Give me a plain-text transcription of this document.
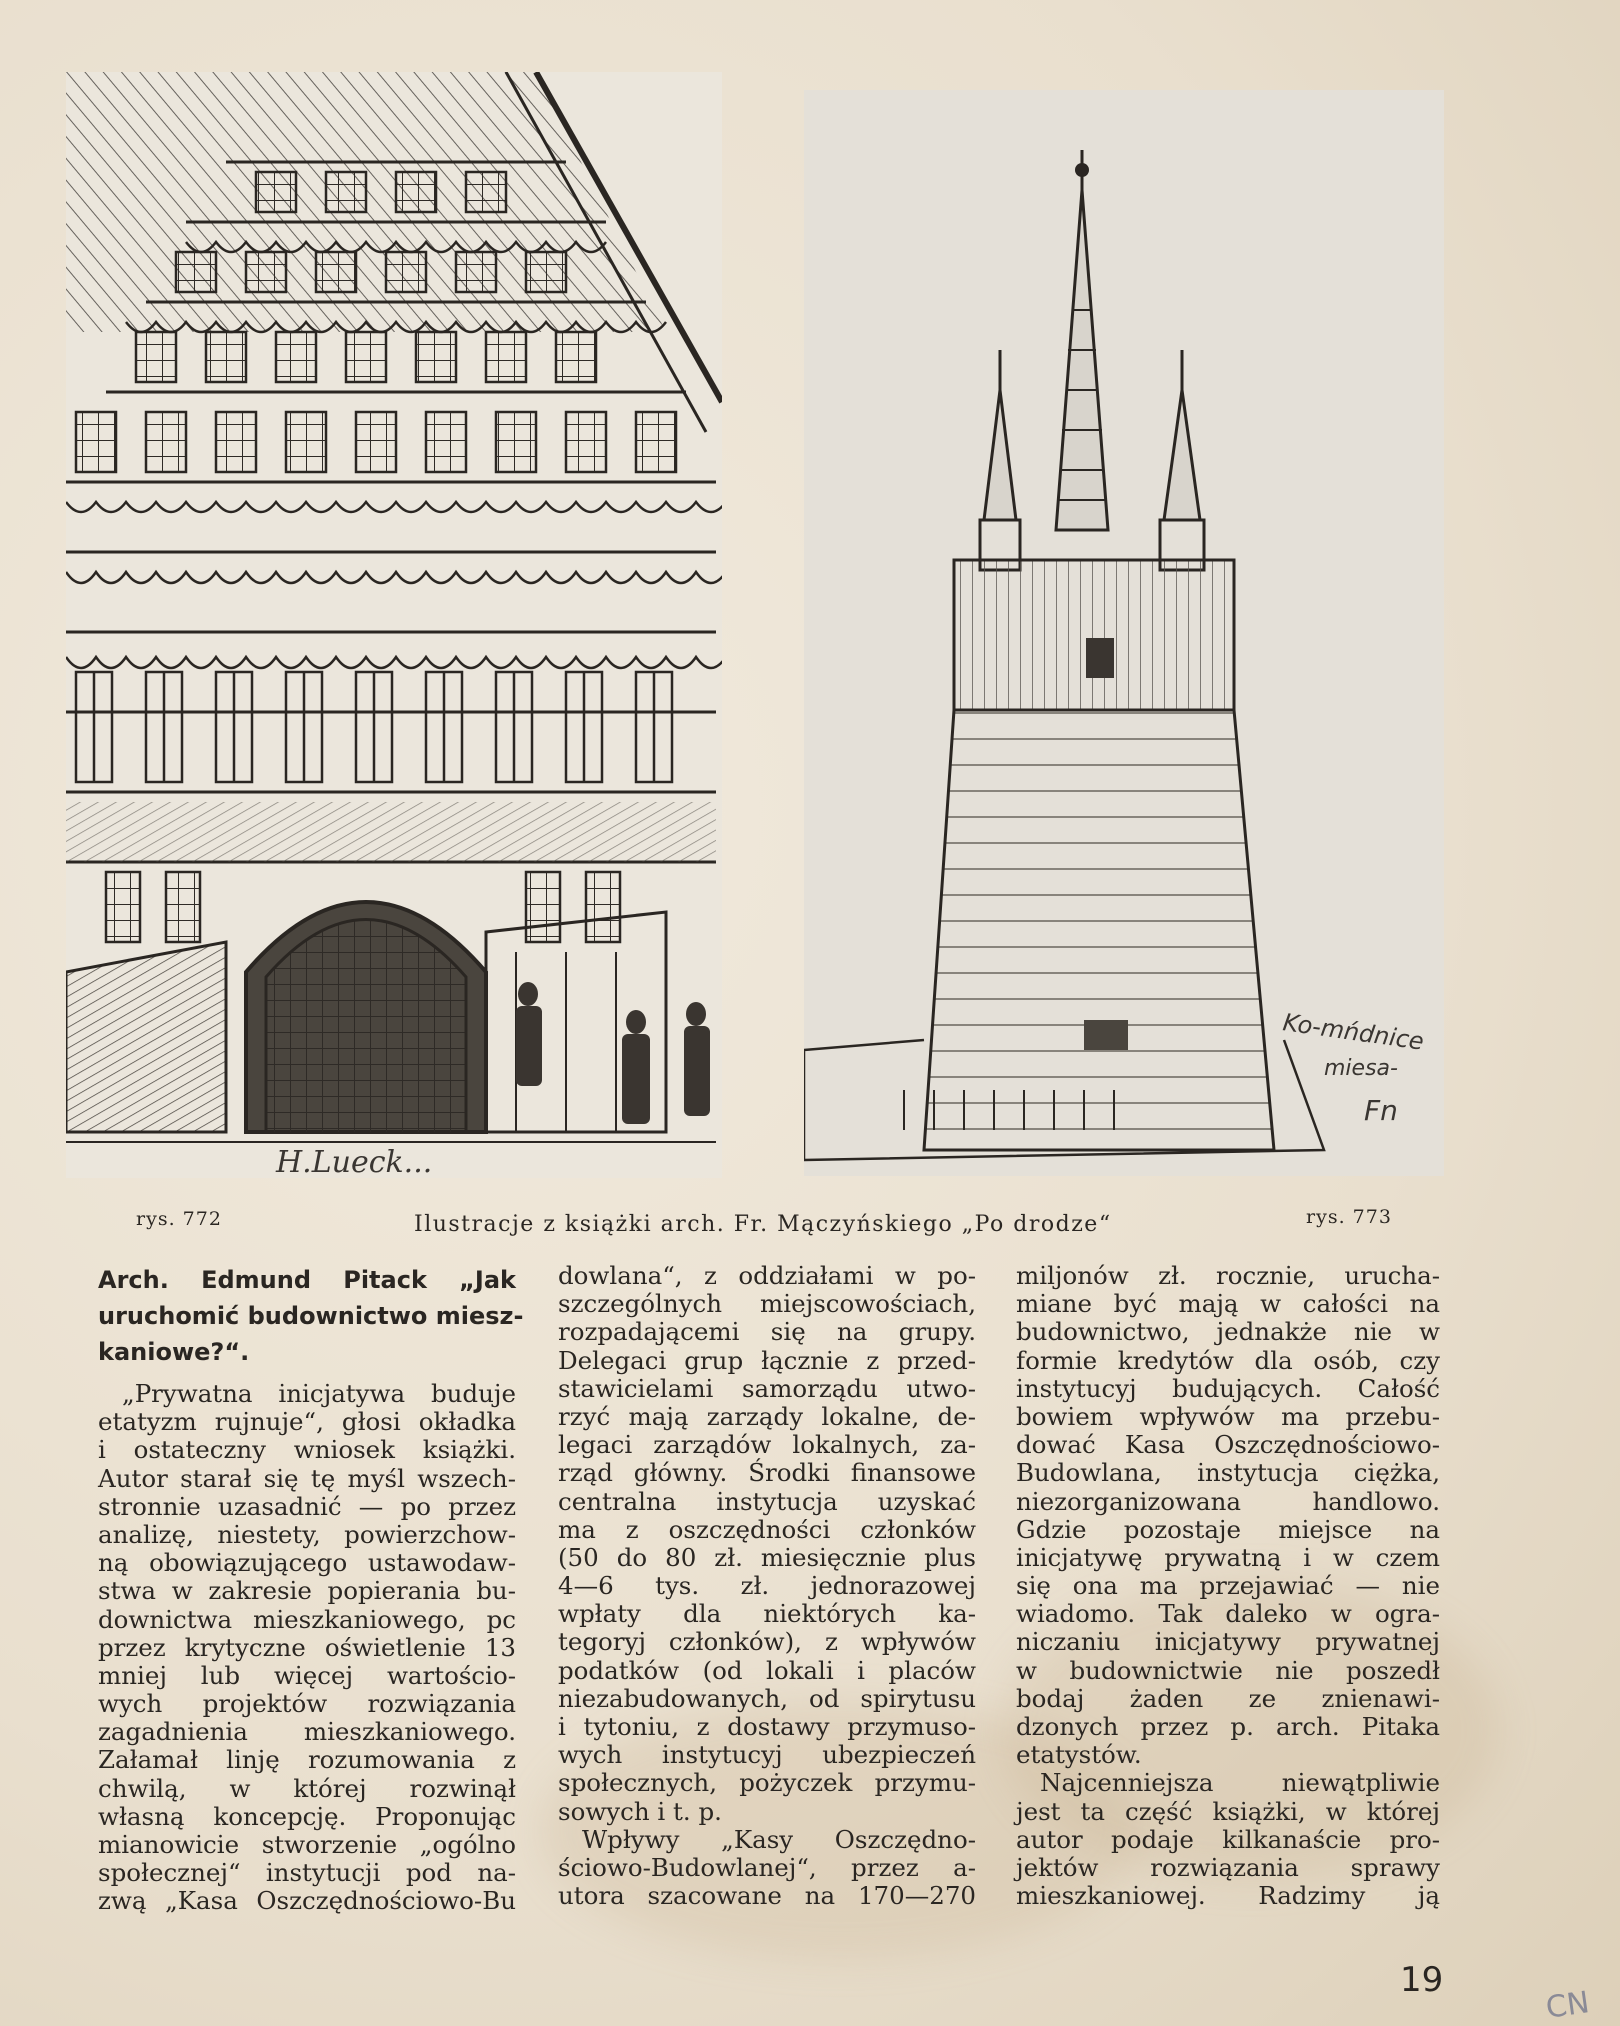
H.Lueck...
Ko-mńdnice
miesa-
Fn
rys. 772	Ilustracje z książki arch. Fr. Mączyńskiego „Po drodze“	rys. 773
Arch. Edmund Pitack „Jak
uruchomić budownictwo miesz-
kaniowe?“.
„Prywatna inicjatywa buduje
etatyzm rujnuje“, głosi okładka
i ostateczny wniosek książki.
Autor starał się tę myśl wszech-
stronnie uzasadnić — po przez
analizę, niestety, powierzchow-
ną obowiązującego ustawodaw-
stwa w zakresie popierania bu-
downictwa mieszkaniowego, pc
przez krytyczne oświetlenie 13
mniej lub więcej wartościo-
wych projektów rozwiązania
zagadnienia mieszkaniowego.
Załamał linję rozumowania z
chwilą, w której rozwinął
własną koncepcję. Proponując
mianowicie stworzenie „ogólno
społecznej“ instytucji pod na-
zwą „Kasa Oszczędnościowo-Bu
dowlana“, z oddziałami w po-
szczególnych miejscowościach,
rozpadającemi się na grupy.
Delegaci grup łącznie z przed-
stawicielami samorządu utwo-
rzyć mają zarządy lokalne, de-
legaci zarządów lokalnych, za-
rząd główny. Środki finansowe
centralna instytucja uzyskać
ma z oszczędności członków
(50 do 80 zł. miesięcznie plus
4—6 tys. zł. jednorazowej
wpłaty dla niektórych ka-
tegoryj członków), z wpływów
podatków (od lokali i placów
niezabudowanych, od spirytusu
i tytoniu, z dostawy przymuso-
wych instytucyj ubezpieczeń
społecznych, pożyczek przymu-
sowych i t. p.
Wpływy „Kasy Oszczędno-
ściowo-Budowlanej“, przez a-
utora szacowane na 170—270
miljonów zł. rocznie, urucha-
miane być mają w całości na
budownictwo, jednakże nie w
formie kredytów dla osób, czy
instytucyj budujących. Całość
bowiem wpływów ma przebu-
dować Kasa Oszczędnościowo-
Budowlana, instytucja ciężka,
niezorganizowana handlowo.
Gdzie pozostaje miejsce na
inicjatywę prywatną i w czem
się ona ma przejawiać — nie
wiadomo. Tak daleko w ogra-
niczaniu inicjatywy prywatnej
w budownictwie nie poszedł
bodaj żaden ze znienawi-
dzonych przez p. arch. Pitaka
etatystów.
Najcenniejsza niewątpliwie
jest ta część książki, w której
autor podaje kilkanaście pro-
jektów rozwiązania sprawy
mieszkaniowej. Radzimy ją
19
CN
